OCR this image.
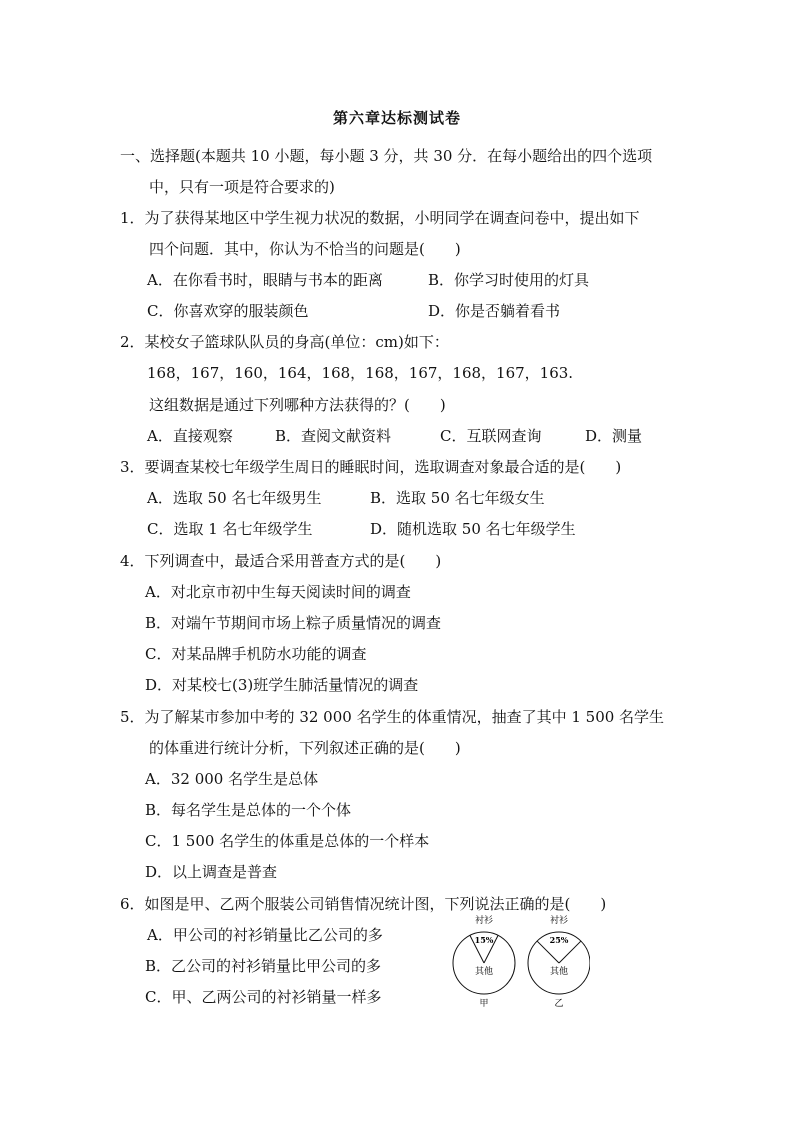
第六章达标测试卷
一、选择题(本题共 10 小题，每小题 3 分，共 30 分．在每小题给出的四个选项
中，只有一项是符合要求的)
1．为了获得某地区中学生视力状况的数据，小明同学在调查问卷中，提出如下
四个问题．其中，你认为不恰当的问题是(　　)
A．在你看书时，眼睛与书本的距离	B．你学习时使用的灯具
C．你喜欢穿的服装颜色	D．你是否躺着看书
2．某校女子篮球队队员的身高(单位：cm)如下：
168，167，160，164，168，168，167，168，167，163.
这组数据是通过下列哪种方法获得的？(　　)
A．直接观察	B．查阅文献资料	C．互联网查询	D．测量
3．要调查某校七年级学生周日的睡眠时间，选取调查对象最合适的是(　　)
A．选取 50 名七年级男生	B．选取 50 名七年级女生
C．选取 1 名七年级学生	D．随机选取 50 名七年级学生
4．下列调查中，最适合采用普查方式的是(　　)
A．对北京市初中生每天阅读时间的调查
B．对端午节期间市场上粽子质量情况的调查
C．对某品牌手机防水功能的调查
D．对某校七(3)班学生肺活量情况的调查
5．为了解某市参加中考的 32 000 名学生的体重情况，抽查了其中 1 500 名学生
的体重进行统计分析，下列叙述正确的是(　　)
A．32 000 名学生是总体
B．每名学生是总体的一个个体
C．1 500 名学生的体重是总体的一个样本
D．以上调查是普查
6．如图是甲、乙两个服装公司销售情况统计图，下列说法正确的是(　　)
A．甲公司的衬衫销量比乙公司的多
B．乙公司的衬衫销量比甲公司的多
C．甲、乙两公司的衬衫销量一样多
衬衫
15%
其他
甲
衬衫
25%
其他
乙
